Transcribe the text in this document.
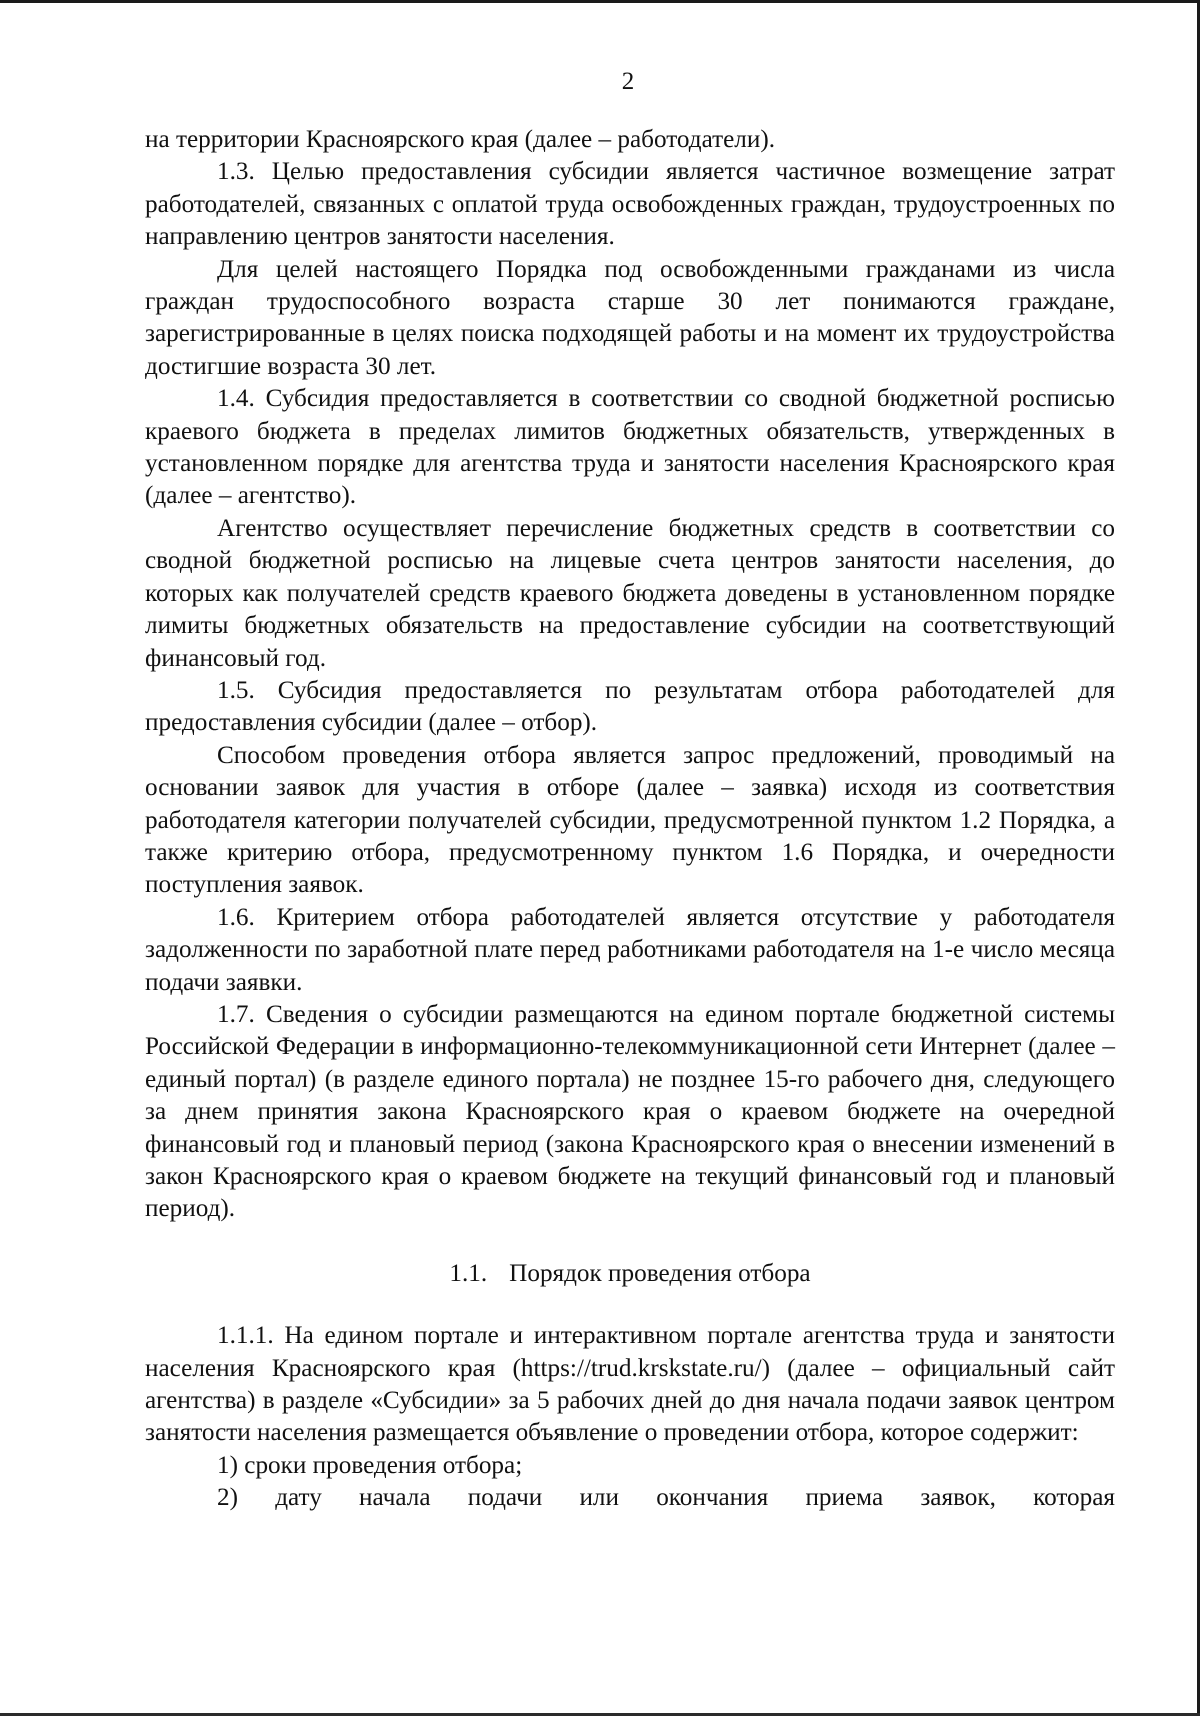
2

на территории Красноярского края (далее – работодатели).

1.3. Целью предоставления субсидии является частичное возмещение затрат работодателей, связанных с оплатой труда освобожденных граждан, трудоустроенных по направлению центров занятости населения.

Для целей настоящего Порядка под освобожденными гражданами из числа граждан трудоспособного возраста старше 30 лет понимаются граждане, зарегистрированные в целях поиска подходящей работы и на момент их трудоустройства достигшие возраста 30 лет.

1.4. Субсидия предоставляется в соответствии со сводной бюджетной росписью краевого бюджета в пределах лимитов бюджетных обязательств, утвержденных в установленном порядке для агентства труда и занятости населения Красноярского края (далее – агентство).

Агентство осуществляет перечисление бюджетных средств в соответствии со сводной бюджетной росписью на лицевые счета центров занятости населения, до которых как получателей средств краевого бюджета доведены в установленном порядке лимиты бюджетных обязательств на предоставление субсидии на соответствующий финансовый год.

1.5. Субсидия предоставляется по результатам отбора работодателей для предоставления субсидии (далее – отбор).

Способом проведения отбора является запрос предложений, проводимый на основании заявок для участия в отборе (далее – заявка) исходя из соответствия работодателя категории получателей субсидии, предусмотренной пунктом 1.2 Порядка, а также критерию отбора, предусмотренному пунктом 1.6 Порядка, и очередности поступления заявок.

1.6. Критерием отбора работодателей является отсутствие у работодателя задолженности по заработной плате перед работниками работодателя на 1-е число месяца подачи заявки.

1.7. Сведения о субсидии размещаются на едином портале бюджетной системы Российской Федерации в информационно-телекоммуникационной сети Интернет (далее – единый портал) (в разделе единого портала) не позднее 15-го рабочего дня, следующего за днем принятия закона Красноярского края о краевом бюджете на очередной финансовый год и плановый период (закона Красноярского края о внесении изменений в закон Красноярского края о краевом бюджете на текущий финансовый год и плановый период).

1.1. Порядок проведения отбора

1.1.1. На едином портале и интерактивном портале агентства труда и занятости населения Красноярского края (https://trud.krskstate.ru/) (далее – официальный сайт агентства) в разделе «Субсидии» за 5 рабочих дней до дня начала подачи заявок центром занятости населения размещается объявление о проведении отбора, которое содержит:

1) сроки проведения отбора;

2) дату начала подачи или окончания приема заявок, которая
